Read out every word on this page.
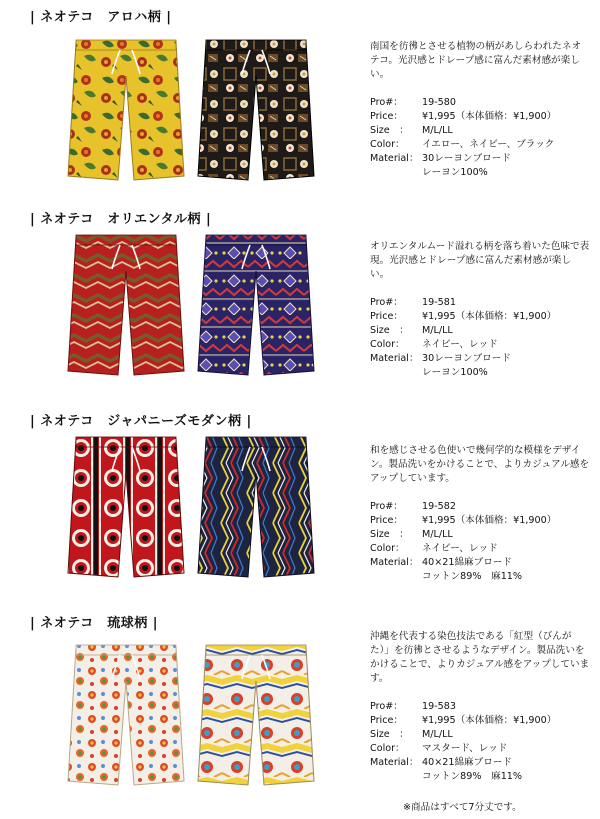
| ネオテコ　アロハ柄 |

南国を彷彿とさせる植物の柄があしらわれたネオテコ。光沢感とドレープ感に富んだ素材感が楽しい。

Pro#：	19-580
Price：	¥1,995（本体価格：¥1,900）
Size　：	M/L/LL
Color：	イエロー、ネイビー、ブラック
Material： 30レーヨンブロード
レーヨン100%
| ネオテコ　オリエンタル柄 |

オリエンタルムード溢れる柄を落ち着いた色味で表現。光沢感とドレープ感に富んだ素材感が楽しい。

Pro#：	19-581
Price：	¥1,995（本体価格：¥1,900）
Size　：	M/L/LL
Color：	ネイビー、レッド
Material： 30レーヨンブロード
レーヨン100%
| ネオテコ　ジャパニーズモダン柄 |

和を感じさせる色使いで幾何学的な模様をデザイン。製品洗いをかけることで、よりカジュアル感をアップしています。

Pro#：	19-582
Price：	¥1,995（本体価格：¥1,900）
Size　：	M/L/LL
Color：	ネイビー、レッド
Material： 40×21綿麻ブロード
コットン89%　麻11%
| ネオテコ　琉球柄 |

沖縄を代表する染色技法である「紅型（びんがた）」を彷彿とさせるようなデザイン。製品洗いをかけることで、よりカジュアル感をアップしています。

Pro#：	19-583
Price：	¥1,995（本体価格：¥1,900）
Size　：	M/L/LL
Color：	マスタード、レッド
Material： 40×21綿麻ブロード
コットン89%　麻11%
※商品はすべて7分丈です。
